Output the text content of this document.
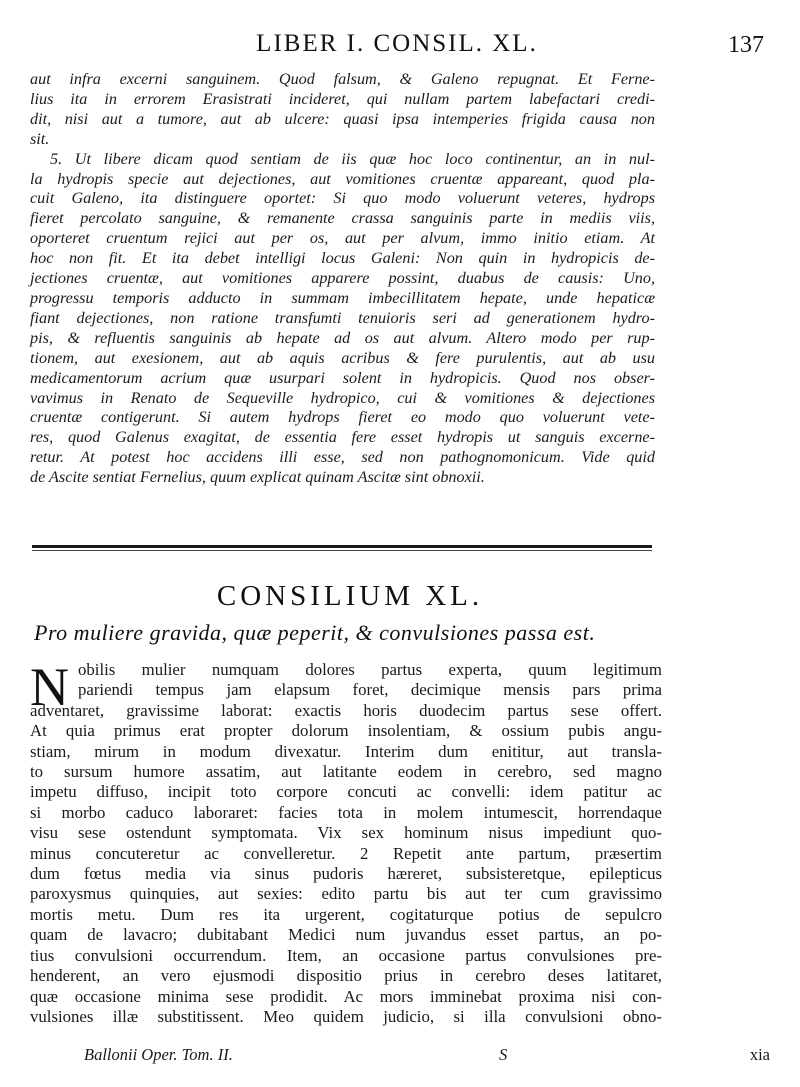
LIBER I. CONSIL. XL.	137
aut infra excerni sanguinem. Quod falsum, & Galeno repugnat. Et Ferne-
lius ita in errorem Erasistrati incideret, qui nullam partem labefactari credi-
dit, nisi aut a tumore, aut ab ulcere: quasi ipsa intemperies frigida causa non
sit.
5. Ut libere dicam quod sentiam de iis quæ hoc loco continentur, an in nul-
la hydropis specie aut dejectiones, aut vomitiones cruentæ appareant, quod pla-
cuit Galeno, ita distinguere oportet: Si quo modo voluerunt veteres, hydrops
fieret percolato sanguine, & remanente crassa sanguinis parte in mediis viis,
oporteret cruentum rejici aut per os, aut per alvum, immo initio etiam. At
hoc non fit. Et ita debet intelligi locus Galeni: Non quin in hydropicis de-
jectiones cruentæ, aut vomitiones apparere possint, duabus de causis: Uno,
progressu temporis adducto in summam imbecillitatem hepate, unde hepaticæ
fiant dejectiones, non ratione transfumti tenuioris seri ad generationem hydro-
pis, & refluentis sanguinis ab hepate ad os aut alvum. Altero modo per rup-
tionem, aut exesionem, aut ab aquis acribus & fere purulentis, aut ab usu
medicamentorum acrium quæ usurpari solent in hydropicis. Quod nos obser-
vavimus in Renato de Sequeville hydropico, cui & vomitiones & dejectiones
cruentæ contigerunt. Si autem hydrops fieret eo modo quo voluerunt vete-
res, quod Galenus exagitat, de essentia fere esset hydropis ut sanguis excerne-
retur. At potest hoc accidens illi esse, sed non pathognomonicum. Vide quid
de Ascite sentiat Fernelius, quum explicat quinam Ascitæ sint obnoxii.
CONSILIUM XL.
Pro muliere gravida, quæ peperit, & convulsiones passa est.
N obilis mulier numquam dolores partus experta, quum legitimum
pariendi tempus jam elapsum foret, decimique mensis pars prima
adventaret, gravissime laborat: exactis horis duodecim partus sese offert.
At quia primus erat propter dolorum insolentiam, & ossium pubis angu-
stiam, mirum in modum divexatur. Interim dum enititur, aut transla-
to sursum humore assatim, aut latitante eodem in cerebro, sed magno
impetu diffuso, incipit toto corpore concuti ac convelli: idem patitur ac
si morbo caduco laboraret: facies tota in molem intumescit, horrendaque
visu sese ostendunt symptomata. Vix sex hominum nisus impediunt quo-
minus concuteretur ac convelleretur. 2 Repetit ante partum, præsertim
dum fœtus media via sinus pudoris hæreret, subsisteretque, epilepticus
paroxysmus quinquies, aut sexies: edito partu bis aut ter cum gravissimo
mortis metu. Dum res ita urgerent, cogitaturque potius de sepulcro
quam de lavacro; dubitabant Medici num juvandus esset partus, an po-
tius convulsioni occurrendum. Item, an occasione partus convulsiones pre-
henderent, an vero ejusmodi dispositio prius in cerebro deses latitaret,
quæ occasione minima sese prodidit. Ac mors imminebat proxima nisi con-
vulsiones illæ substitissent. Meo quidem judicio, si illa convulsioni obno-
Ballonii Oper. Tom. II.	S	xia
